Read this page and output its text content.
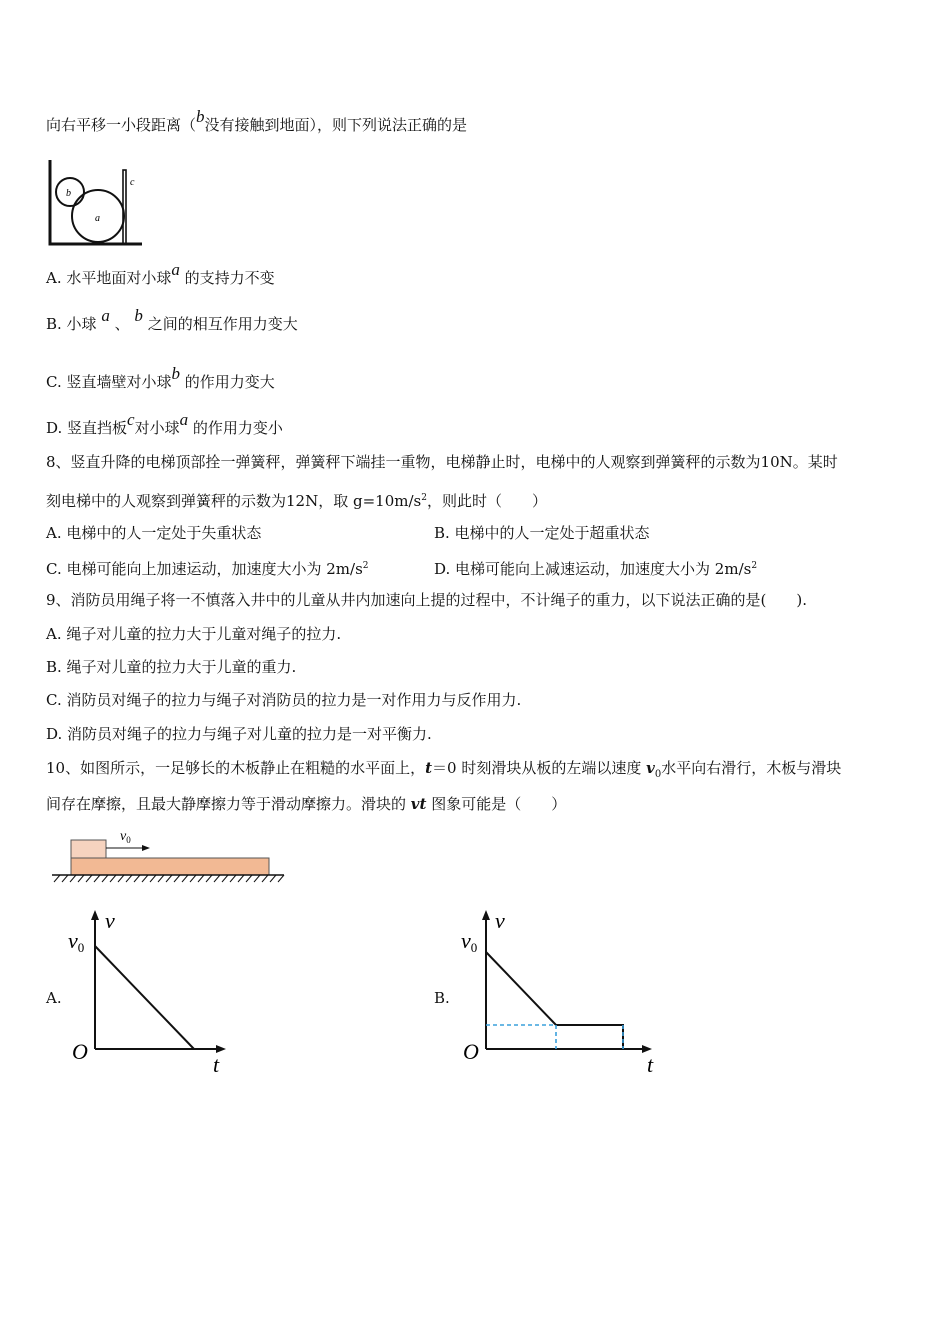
向右平移一小段距离（b没有接触到地面），则下列说法正确的是
b
a
c
A. 水平地面对小球a 的支持力不变
B. 小球 a 、 b 之间的相互作用力变大
C. 竖直墙壁对小球b 的作用力变大
D. 竖直挡板c对小球a 的作用力变小
8、竖直升降的电梯顶部拴一弹簧秤，弹簧秤下端挂一重物，电梯静止时，电梯中的人观察到弹簧秤的示数为10N。某时
刻电梯中的人观察到弹簧秤的示数为12N，取 $g=10m/s^2$，则此时（　　）
A. 电梯中的人一定处于失重状态	B. 电梯中的人一定处于超重状态
C. 电梯可能向上加速运动，加速度大小为 $2m/s^2$	D. 电梯可能向上减速运动，加速度大小为 $2m/s^2$
9、消防员用绳子将一不慎落入井中的儿童从井内加速向上提的过程中，不计绳子的重力，以下说法正确的是(　　).
A. 绳子对儿童的拉力大于儿童对绳子的拉力.
B. 绳子对儿童的拉力大于儿童的重力.
C. 消防员对绳子的拉力与绳子对消防员的拉力是一对作用力与反作用力.
D. 消防员对绳子的拉力与绳子对儿童的拉力是一对平衡力.
10、如图所示，一足够长的木板静止在粗糙的水平面上，t＝0 时刻滑块从板的左端以速度 $v_0$水平向右滑行，木板与滑块
间存在摩擦，且最大静摩擦力等于滑动摩擦力。滑块的 vt 图象可能是（　　）
$v_0$
A.
v
t
O
v0
B.
v
t
O
v0
